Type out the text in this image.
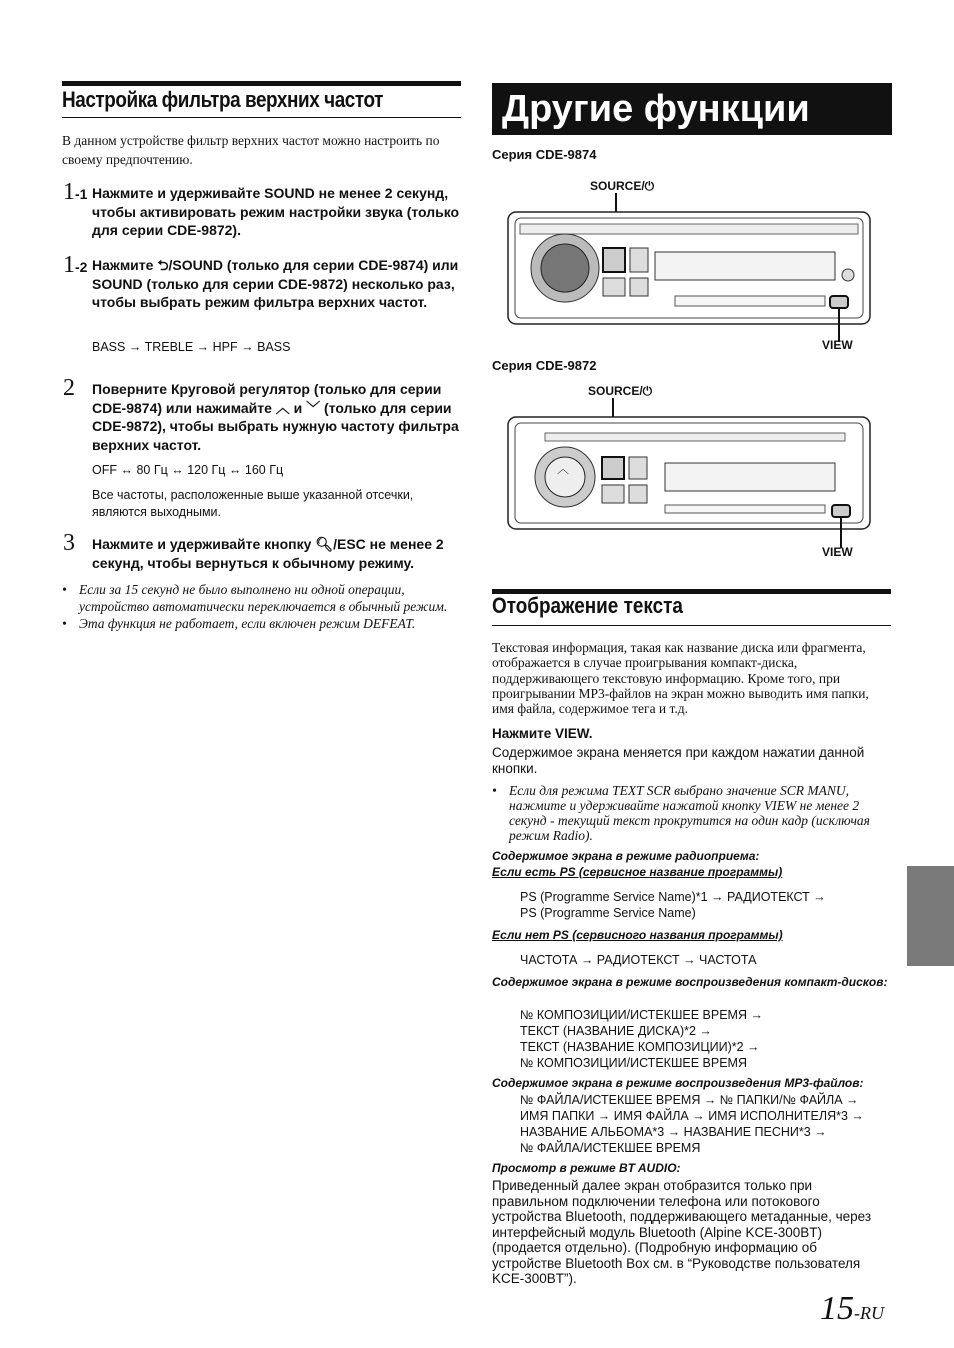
Настройка фильтра верхних частот
В данном устройстве фильтр верхних частот можно настроить по своему предпочтению.
1-1 Нажмите и удерживайте SOUND не менее 2 секунд, чтобы активировать режим настройки звука (только для серии CDE-9872).
1-2 Нажмите ⮌/SOUND (только для серии CDE-9874) или SOUND (только для серии CDE-9872) несколько раз, чтобы выбрать режим фильтра верхних частот.
BASS → TREBLE → HPF → BASS
2 Поверните Круговой регулятор (только для серии CDE-9874) или нажимайте ︿ и ﹀ (только для серии CDE-9872), чтобы выбрать нужную частоту фильтра верхних частот.
OFF ↔ 80 Гц ↔ 120 Гц ↔ 160 Гц
Все частоты, расположенные выше указанной отсечки, являются выходными.
3 Нажмите и удерживайте кнопку 🔍︎/ESC не менее 2 секунд, чтобы вернуться к обычному режиму.
• Если за 15 секунд не было выполнено ни одной операции, устройство автоматически переключается в обычный режим.
• Эта функция не работает, если включен режим DEFEAT.
Другие функции
Серия CDE-9874
SOURCE/⏻
VIEW
Серия CDE-9872
SOURCE/⏻
︿
VIEW
Отображение текста
Текстовая информация, такая как название диска или фрагмента, отображается в случае проигрывания компакт-диска, поддерживающего текстовую информацию. Кроме того, при проигрывании MP3-файлов на экран можно выводить имя папки, имя файла, содержимое тега и т.д.
Нажмите VIEW.
Содержимое экрана меняется при каждом нажатии данной кнопки.
• Если для режима TEXT SCR выбрано значение SCR MANU, нажмите и удерживайте нажатой кнопку VIEW не менее 2 секунд - текущий текст прокрутится на один кадр (исключая режим Radio).
Содержимое экрана в режиме радиоприема:
Если есть PS (сервисное название программы)
PS (Programme Service Name)*1 → РАДИОТЕКСТ →
PS (Programme Service Name)
Если нет PS (сервисного названия программы)
ЧАСТОТА → РАДИОТЕКСТ → ЧАСТОТА
Содержимое экрана в режиме воспроизведения компакт-дисков:
№ КОМПОЗИЦИИ/ИСТЕКШЕЕ ВРЕМЯ →
ТЕКСТ (НАЗВАНИЕ ДИСКА)*2 →
ТЕКСТ (НАЗВАНИЕ КОМПОЗИЦИИ)*2 →
№ КОМПОЗИЦИИ/ИСТЕКШЕЕ ВРЕМЯ
Содержимое экрана в режиме воспроизведения MP3-файлов:
№ ФАЙЛА/ИСТЕКШЕЕ ВРЕМЯ → № ПАПКИ/№ ФАЙЛА →
ИМЯ ПАПКИ → ИМЯ ФАЙЛА → ИМЯ ИСПОЛНИТЕЛЯ*3 →
НАЗВАНИЕ АЛЬБОМА*3 → НАЗВАНИЕ ПЕСНИ*3 →
№ ФАЙЛА/ИСТЕКШЕЕ ВРЕМЯ
Просмотр в режиме BT AUDIO:
Приведенный далее экран отобразится только при правильном подключении телефона или потокового устройства Bluetooth, поддерживающего метаданные, через интерфейсный модуль Bluetooth (Alpine KCE-300BT) (продается отдельно). (Подробную информацию об устройстве Bluetooth Box см. в “Руководстве пользователя KCE-300BT”).
15-RU
